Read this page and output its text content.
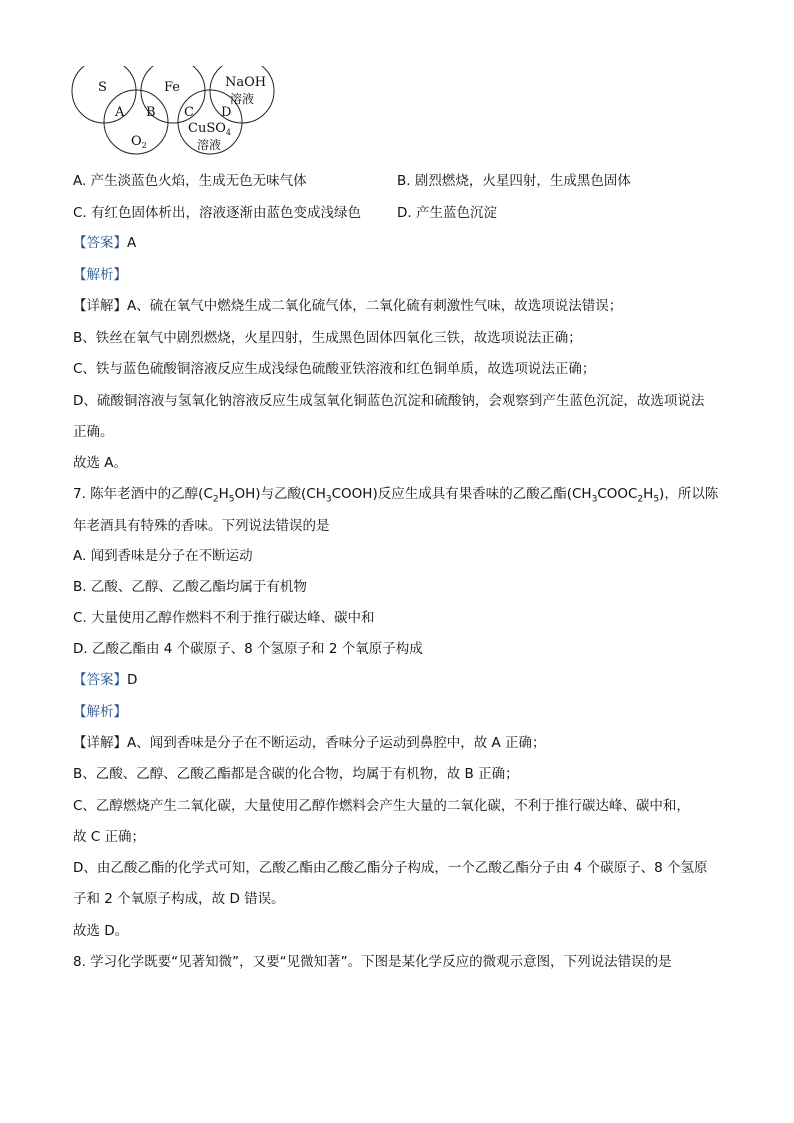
S	Fe	NaOH
溶液
A B C D
$O_2$
CuSO$_4$
溶液
A. 产生淡蓝色火焰，生成无色无味气体	B. 剧烈燃烧，火星四射，生成黑色固体
C. 有红色固体析出，溶液逐渐由蓝色变成浅绿色	D. 产生蓝色沉淀

【答案】A

【解析】

【详解】A、硫在氧气中燃烧生成二氧化硫气体，二氧化硫有刺激性气味，故选项说法错误；

B、铁丝在氧气中剧烈燃烧，火星四射，生成黑色固体四氧化三铁，故选项说法正确；

C、铁与蓝色硫酸铜溶液反应生成浅绿色硫酸亚铁溶液和红色铜单质，故选项说法正确；

D、硫酸铜溶液与氢氧化钠溶液反应生成氢氧化铜蓝色沉淀和硫酸钠，会观察到产生蓝色沉淀，故选项说法

正确。

故选 A。

7. 陈年老酒中的乙醇$(C_2H_5OH)$与乙酸$(CH_3COOH)$反应生成具有果香味的乙酸乙酯$(CH_3COOC_2H_5)$，所以陈

年老酒具有特殊的香味。下列说法错误的是

A. 闻到香味是分子在不断运动

B. 乙酸、乙醇、乙酸乙酯均属于有机物

C. 大量使用乙醇作燃料不利于推行碳达峰、碳中和

D. 乙酸乙酯由 4 个碳原子、8 个氢原子和 2 个氧原子构成

【答案】D

【解析】

【详解】A、闻到香味是分子在不断运动，香味分子运动到鼻腔中，故 A 正确；

B、乙酸、乙醇、乙酸乙酯都是含碳的化合物，均属于有机物，故 B 正确；

C、乙醇燃烧产生二氧化碳，大量使用乙醇作燃料会产生大量的二氧化碳，不利于推行碳达峰、碳中和，

故 C 正确；

D、由乙酸乙酯的化学式可知，乙酸乙酯由乙酸乙酯分子构成，一个乙酸乙酯分子由 4 个碳原子、8 个氢原

子和 2 个氧原子构成，故 D 错误。

故选 D。

8. 学习化学既要“见著知微”，又要“见微知著”。下图是某化学反应的微观示意图，下列说法错误的是
